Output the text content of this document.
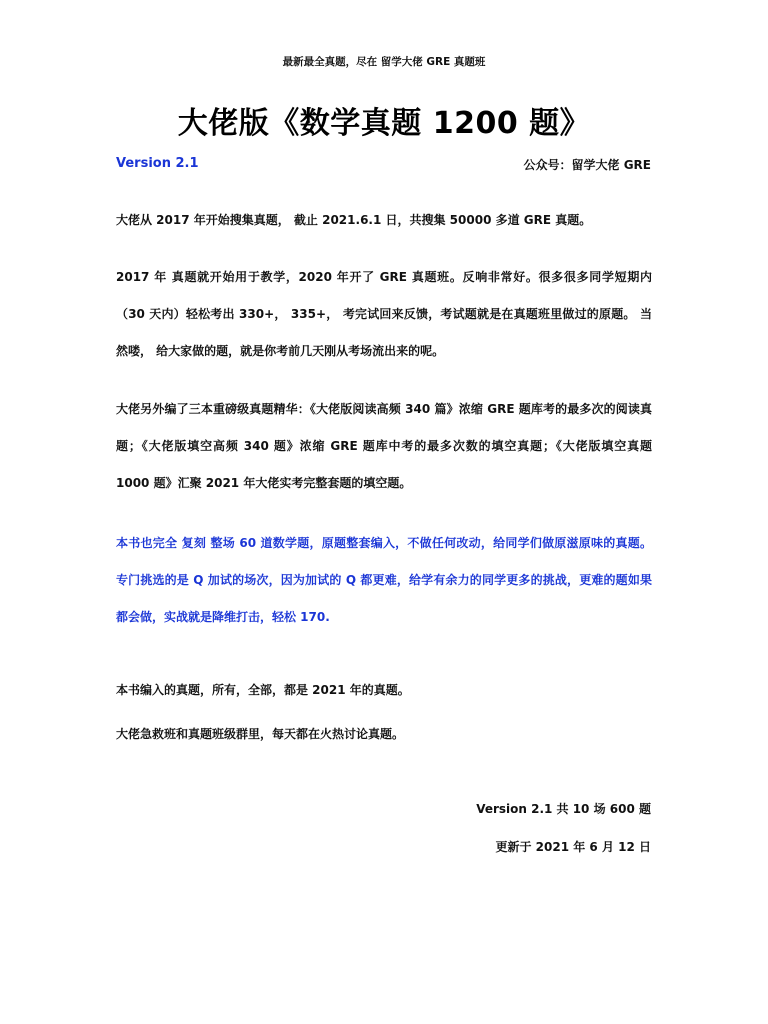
最新最全真题，尽在 留学大佬 GRE 真题班
大佬版《数学真题 1200 题》
Version 2.1	公众号：留学大佬 GRE
大佬从 2017 年开始搜集真题， 截止 2021.6.1 日，共搜集 50000 多道 GRE 真题。
2017 年 真题就开始用于教学，2020 年开了 GRE 真题班。反响非常好。很多很多同学短期内（30 天内）轻松考出 330+， 335+， 考完试回来反馈，考试题就是在真题班里做过的原题。 当然喽， 给大家做的题，就是你考前几天刚从考场流出来的呢。
大佬另外编了三本重磅级真题精华：《大佬版阅读高频 340 篇》浓缩 GRE 题库考的最多次的阅读真题；《大佬版填空高频 340 题》浓缩 GRE 题库中考的最多次数的填空真题；《大佬版填空真题 1000 题》汇聚 2021 年大佬实考完整套题的填空题。
本书也完全 复刻 整场 60 道数学题，原题整套编入，不做任何改动，给同学们做原滋原味的真题。专门挑选的是 Q 加试的场次，因为加试的 Q 都更难，给学有余力的同学更多的挑战，更难的题如果都会做，实战就是降维打击，轻松 170.
本书编入的真题，所有，全部，都是 2021 年的真题。
大佬急救班和真题班级群里，每天都在火热讨论真题。
Version 2.1 共 10 场 600 题
更新于 2021 年 6 月 12 日
